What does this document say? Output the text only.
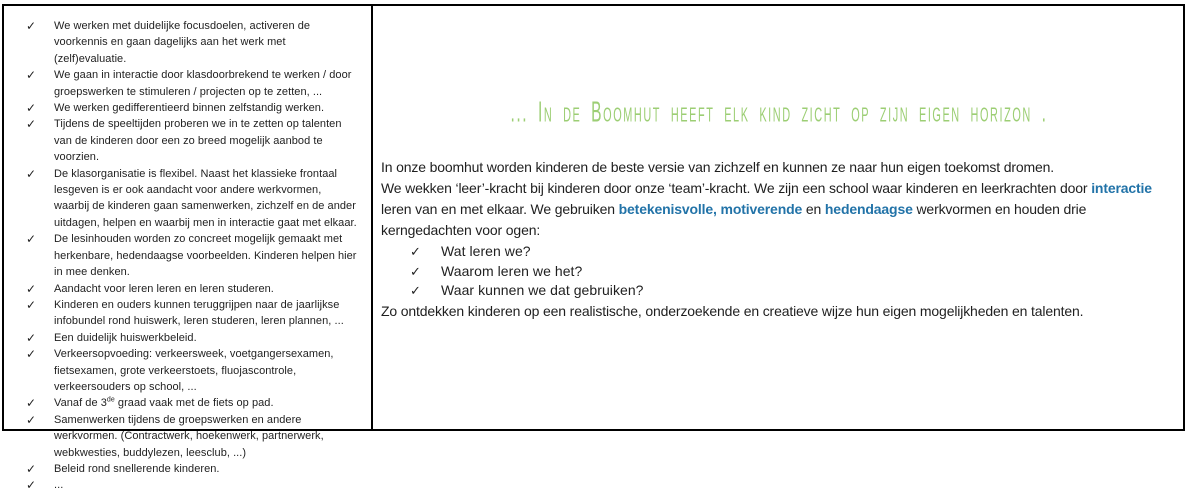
✓	We werken met duidelijke focusdoelen, activeren de voorkennis en gaan dagelijks aan het werk met (zelf)evaluatie.
✓	We gaan in interactie door klasdoorbrekend te werken / door groepswerken te stimuleren / projecten op te zetten, ...
✓	We werken gedifferentieerd binnen zelfstandig werken.
✓	Tijdens de speeltijden proberen we in te zetten op talenten van de kinderen door een zo breed mogelijk aanbod te voorzien.
✓	De klasorganisatie is flexibel. Naast het klassieke frontaal lesgeven is er ook aandacht voor andere werkvormen, waarbij de kinderen gaan samenwerken, zichzelf en de ander uitdagen, helpen en waarbij men in interactie gaat met elkaar.
✓	De lesinhouden worden zo concreet mogelijk gemaakt met herkenbare, hedendaagse voorbeelden. Kinderen helpen hier in mee denken.
✓	Aandacht voor leren leren en leren studeren.
✓	Kinderen en ouders kunnen teruggrijpen naar de jaarlijkse infobundel rond huiswerk, leren studeren, leren plannen, ...
✓	Een duidelijk huiswerkbeleid.
✓	Verkeersopvoeding: verkeersweek, voetgangersexamen, fietsexamen, grote verkeerstoets, fluojascontrole, verkeersouders op school, ...
✓	Vanaf de 3de graad vaak met de fiets op pad.
✓	Samenwerken tijdens de groepswerken en andere werkvormen. (Contractwerk, hoekenwerk, partnerwerk, webkwesties, buddylezen, leesclub, ...)
✓	Beleid rond snellerende kinderen.
✓	...
... In de Boomhut heeft elk kind zicht op zijn eigen horizon .

In onze boomhut worden kinderen de beste versie van zichzelf en kunnen ze naar hun eigen toekomst dromen.

We wekken ‘leer’-kracht bij kinderen door onze ‘team’-kracht. We zijn een school waar kinderen en leerkrachten door interactie leren van en met elkaar. We gebruiken betekenisvolle, motiverende en hedendaagse werkvormen en houden drie kerngedachten voor ogen:

✓	Wat leren we?
✓	Waarom leren we het?
✓	Waar kunnen we dat gebruiken?

Zo ontdekken kinderen op een realistische, onderzoekende en creatieve wijze hun eigen mogelijkheden en talenten.
